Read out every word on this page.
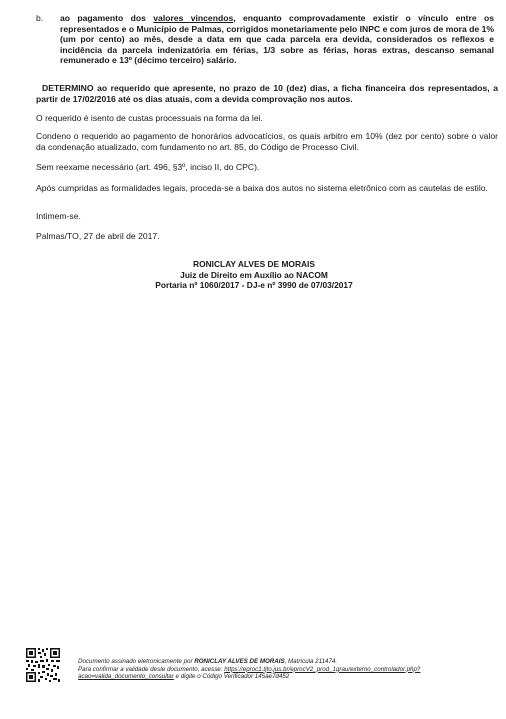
b. ao pagamento dos valores vincendos, enquanto comprovadamente existir o vínculo entre os representados e o Município de Palmas, corrigidos monetariamente pelo INPC e com juros de mora de 1% (um por cento) ao mês, desde a data em que cada parcela era devida, considerados os reflexos e incidência da parcela indenizatória em férias, 1/3 sobre as férias, horas extras, descanso semanal remunerado e 13º (décimo terceiro) salário.
DETERMINO ao requerido que apresente, no prazo de 10 (dez) dias, a ficha financeira dos representados, a partir de 17/02/2016 até os dias atuais, com a devida comprovação nos autos.
O requerido é isento de custas processuais na forma da lei.
Condeno o requerido ao pagamento de honorários advocatícios, os quais arbitro em 10% (dez por cento) sobre o valor da condenação atualizado, com fundamento no art. 85, do Código de Processo Civil.
Sem reexame necessário (art. 496, §3º, inciso II, do CPC).
Após cumpridas as formalidades legais, proceda-se a baixa dos autos no sistema eletrônico com as cautelas de estilo.
Intimem-se.
Palmas/TO, 27 de abril de 2017.
RONICLAY ALVES DE MORAIS
Juiz de Direito em Auxílio ao NACOM
Portaria nº 1060/2017 - DJ-e nº 3990 de 07/03/2017
Documento assinado eletronicamente por RONICLAY ALVES DE MORAIS, Matrícula 211474.
Para confirmar a validade deste documento, acesse: https://eproc1.tjto.jus.br/eprocV2_prod_1grau/externo_controlador.php?
acao=valida_documento_consultar e digite o Código Verificador 145ae7d452
